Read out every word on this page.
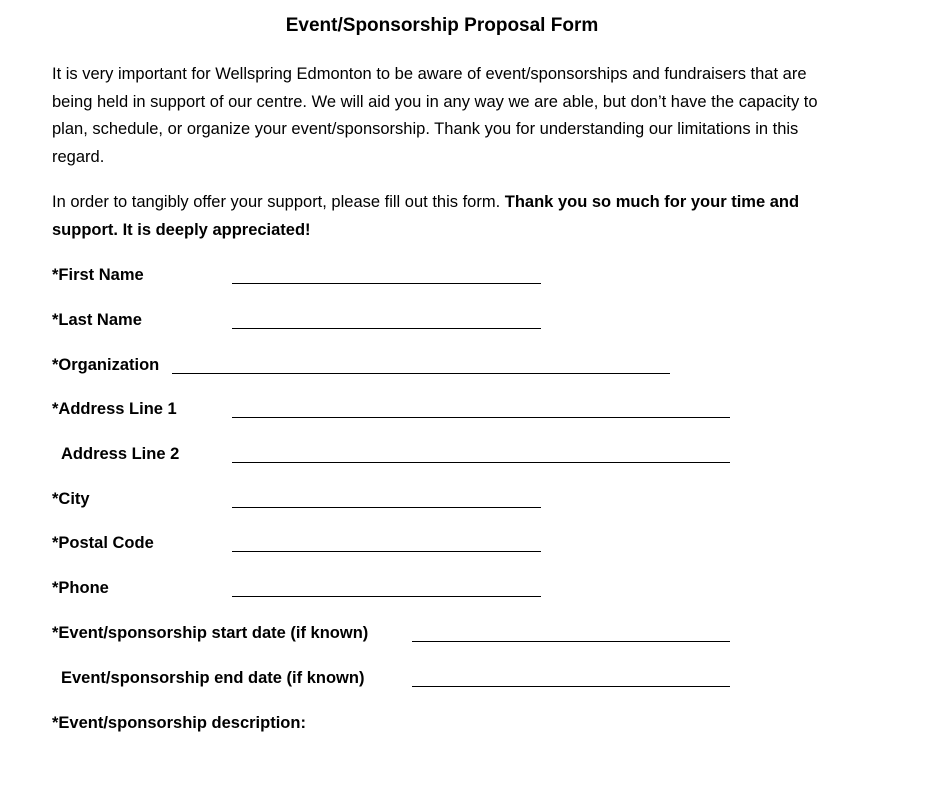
Event/Sponsorship Proposal Form

It is very important for Wellspring Edmonton to be aware of event/sponsorships and fundraisers that are being held in support of our centre. We will aid you in any way we are able, but don’t have the capacity to plan, schedule, or organize your event/sponsorship. Thank you for understanding our limitations in this regard.

In order to tangibly offer your support, please fill out this form. Thank you so much for your time and support. It is deeply appreciated!

*First Name
*Last Name
*Organization
*Address Line 1
Address Line 2
*City
*Postal Code
*Phone
*Event/sponsorship start date (if known)
Event/sponsorship end date (if known)
*Event/sponsorship description:
